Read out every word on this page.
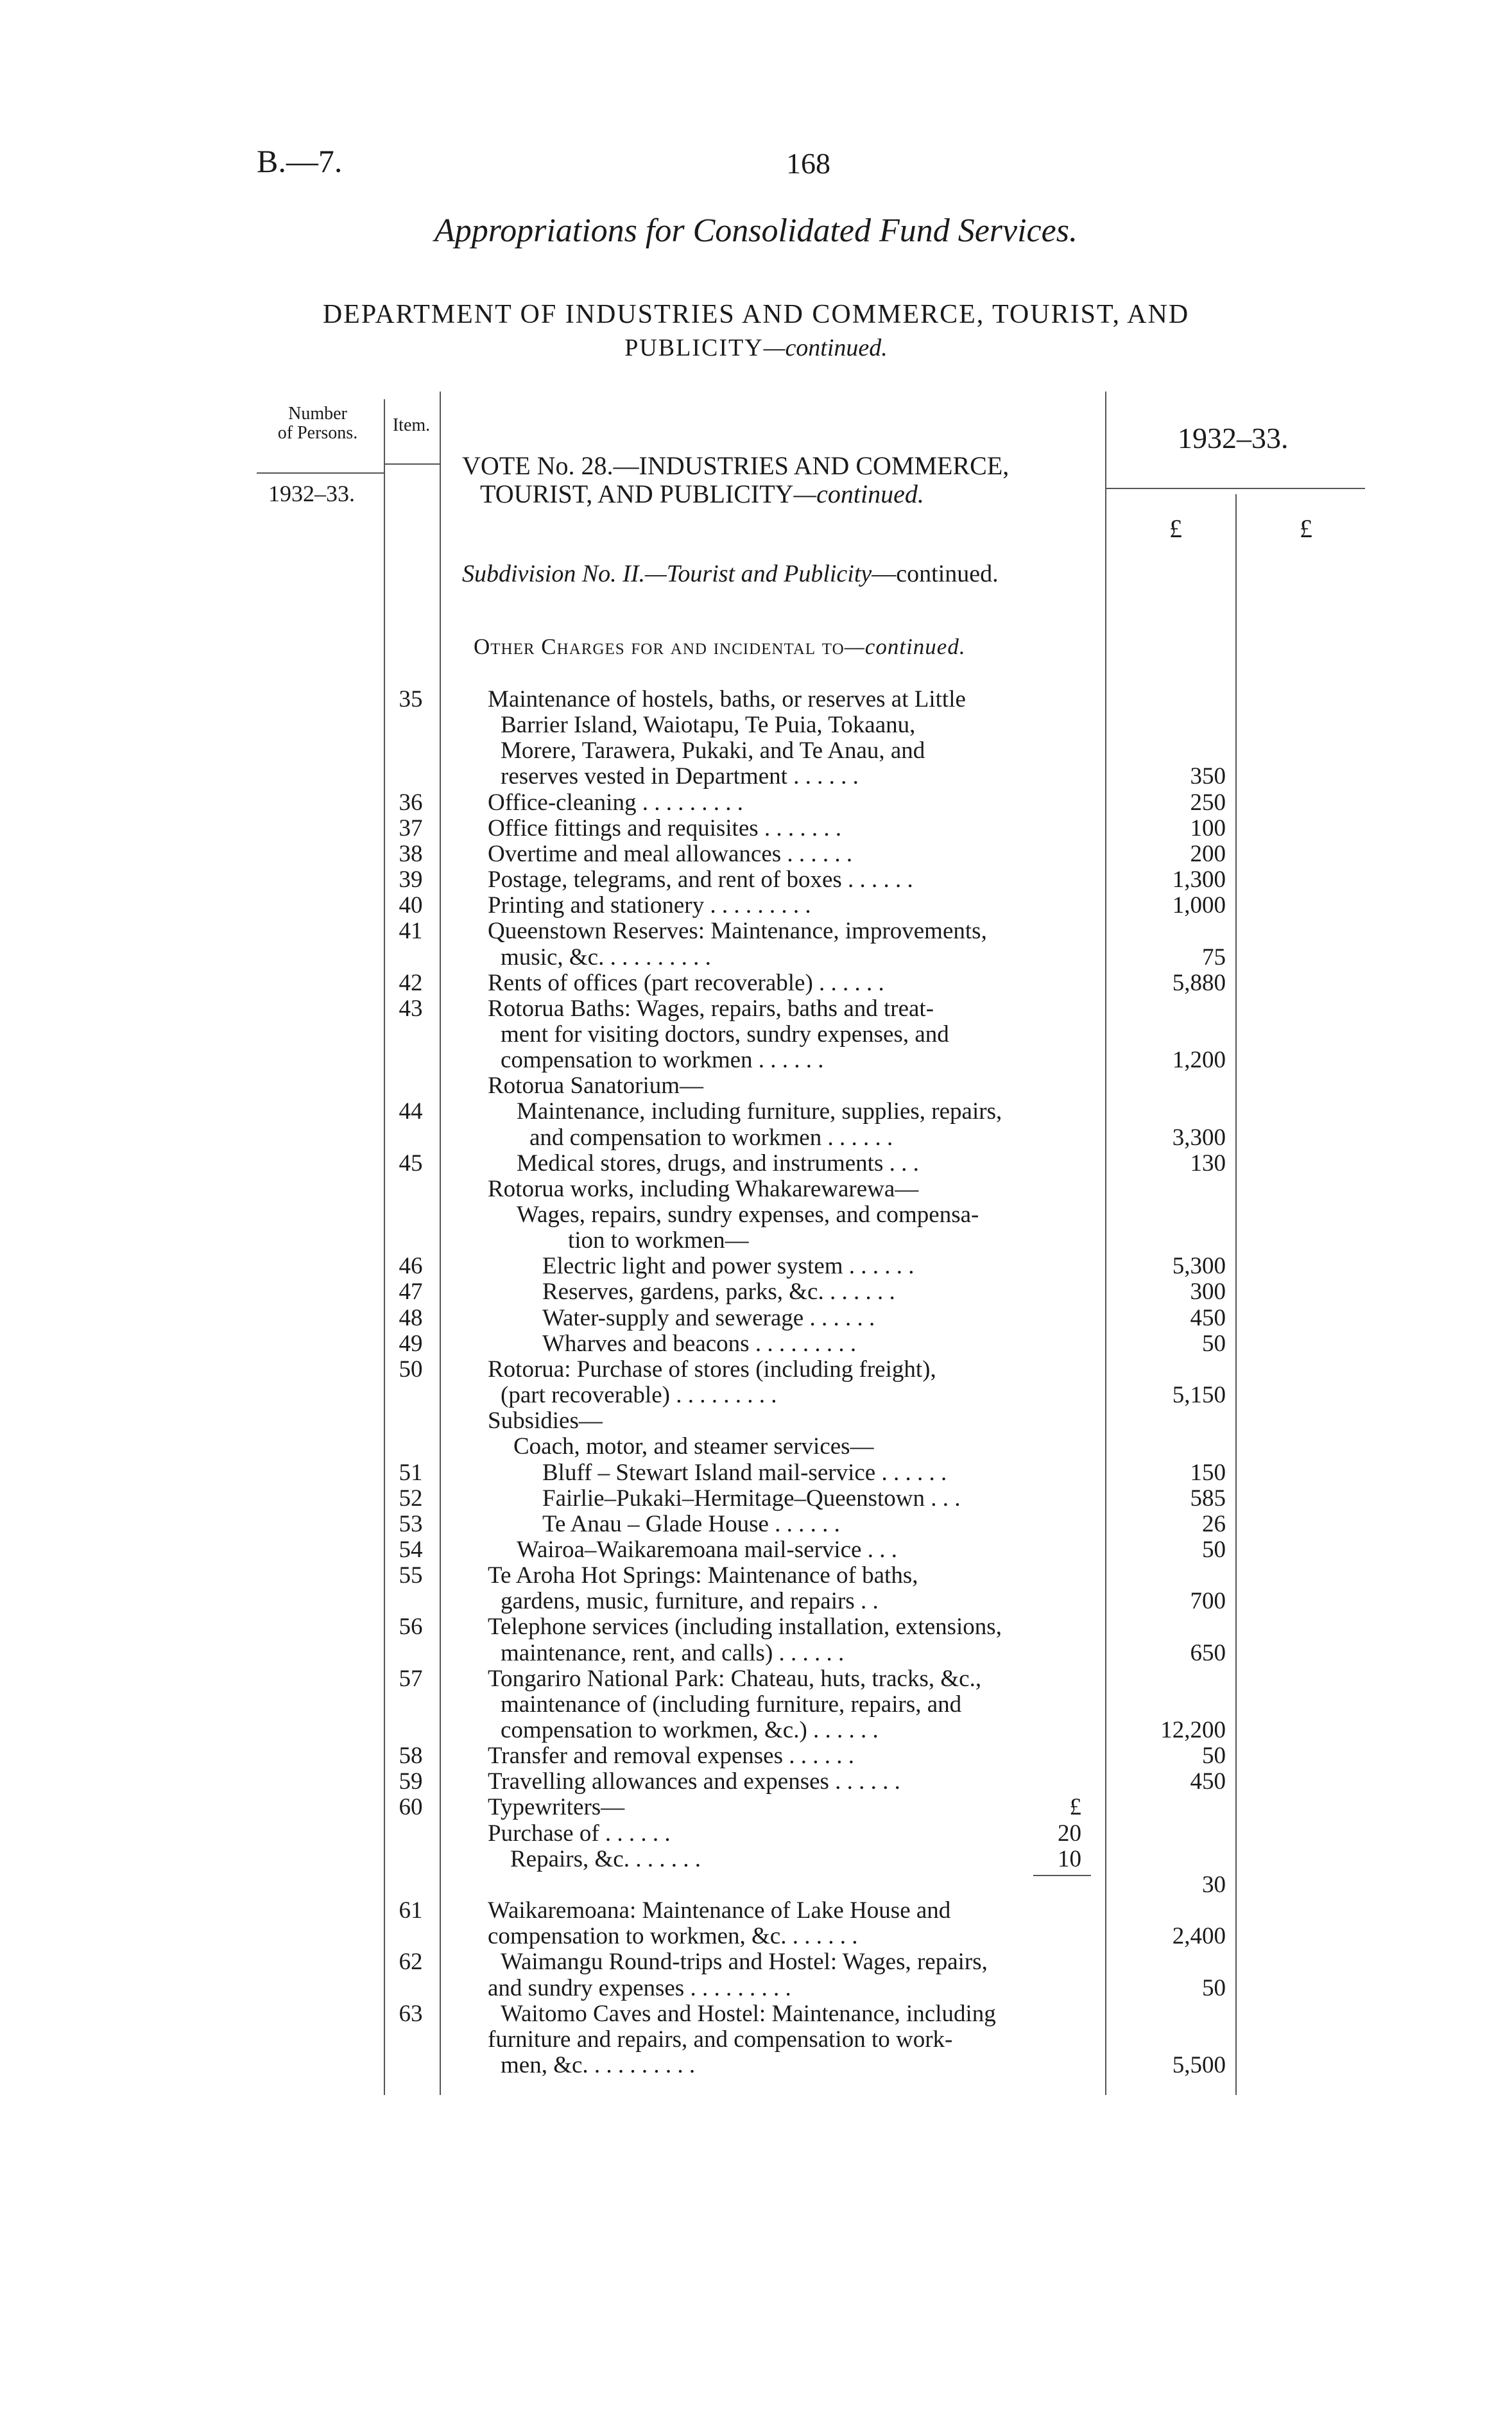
B.—7.	168
Appropriations for Consolidated Fund Services.
DEPARTMENT OF INDUSTRIES AND COMMERCE, TOURIST, AND
PUBLICITY—continued.
Number
of Persons.	Item.
1932–33.
1932–33.
£	£
VOTE No. 28.—INDUSTRIES AND COMMERCE,
TOURIST, AND PUBLICITY—continued.
Subdivision No. II.—Tourist and Publicity—continued.
Other Charges for and incidental to—continued.
35	Maintenance of hostels, baths, or reserves at Little
Barrier Island, Waiotapu, Te Puia, Tokaanu,
Morere, Tarawera, Pukaki, and Te Anau, and
reserves vested in Department . . . . . .	350
36	Office-cleaning . . . . . . . . .	250
37	Office fittings and requisites . . . . . . .	100
38	Overtime and meal allowances . . . . . .	200
39	Postage, telegrams, and rent of boxes . . . . . .	1,300
40	Printing and stationery . . . . . . . . .	1,000
41	Queenstown Reserves: Maintenance, improvements,
music, &c. . . . . . . . . .	75
42	Rents of offices (part recoverable) . . . . . .	5,880
43	Rotorua Baths: Wages, repairs, baths and treat-
ment for visiting doctors, sundry expenses, and
compensation to workmen . . . . . .	1,200
Rotorua Sanatorium—
44	Maintenance, including furniture, supplies, repairs,
and compensation to workmen . . . . . .	3,300
45	Medical stores, drugs, and instruments . . .	130
Rotorua works, including Whakarewarewa—
Wages, repairs, sundry expenses, and compensa-
tion to workmen—
46	Electric light and power system . . . . . .	5,300
47	Reserves, gardens, parks, &c. . . . . . .	300
48	Water-supply and sewerage . . . . . .	450
49	Wharves and beacons . . . . . . . . .	50
50	Rotorua: Purchase of stores (including freight),
(part recoverable) . . . . . . . . .	5,150
Subsidies—
Coach, motor, and steamer services—
51	Bluff – Stewart Island mail-service . . . . . .	150
52	Fairlie–Pukaki–Hermitage–Queenstown . . .	585
53	Te Anau – Glade House . . . . . .	26
54	Wairoa–Waikaremoana mail-service . . .	50
55	Te Aroha Hot Springs: Maintenance of baths,
gardens, music, furniture, and repairs . .	700
56	Telephone services (including installation, extensions,
maintenance, rent, and calls) . . . . . .	650
57	Tongariro National Park: Chateau, huts, tracks, &c.,
maintenance of (including furniture, repairs, and
compensation to workmen, &c.) . . . . . .	12,200
58	Transfer and removal expenses . . . . . .	50
59	Travelling allowances and expenses . . . . . .	450
60	Typewriters—	£
Purchase of . . . . . .	20
Repairs, &c. . . . . . .	10
30
61	Waikaremoana: Maintenance of Lake House and
compensation to workmen, &c. . . . . . .	2,400
62	Waimangu Round-trips and Hostel: Wages, repairs,
and sundry expenses . . . . . . . . .	50
63	Waitomo Caves and Hostel: Maintenance, including
furniture and repairs, and compensation to work-
men, &c. . . . . . . . . .	5,500
